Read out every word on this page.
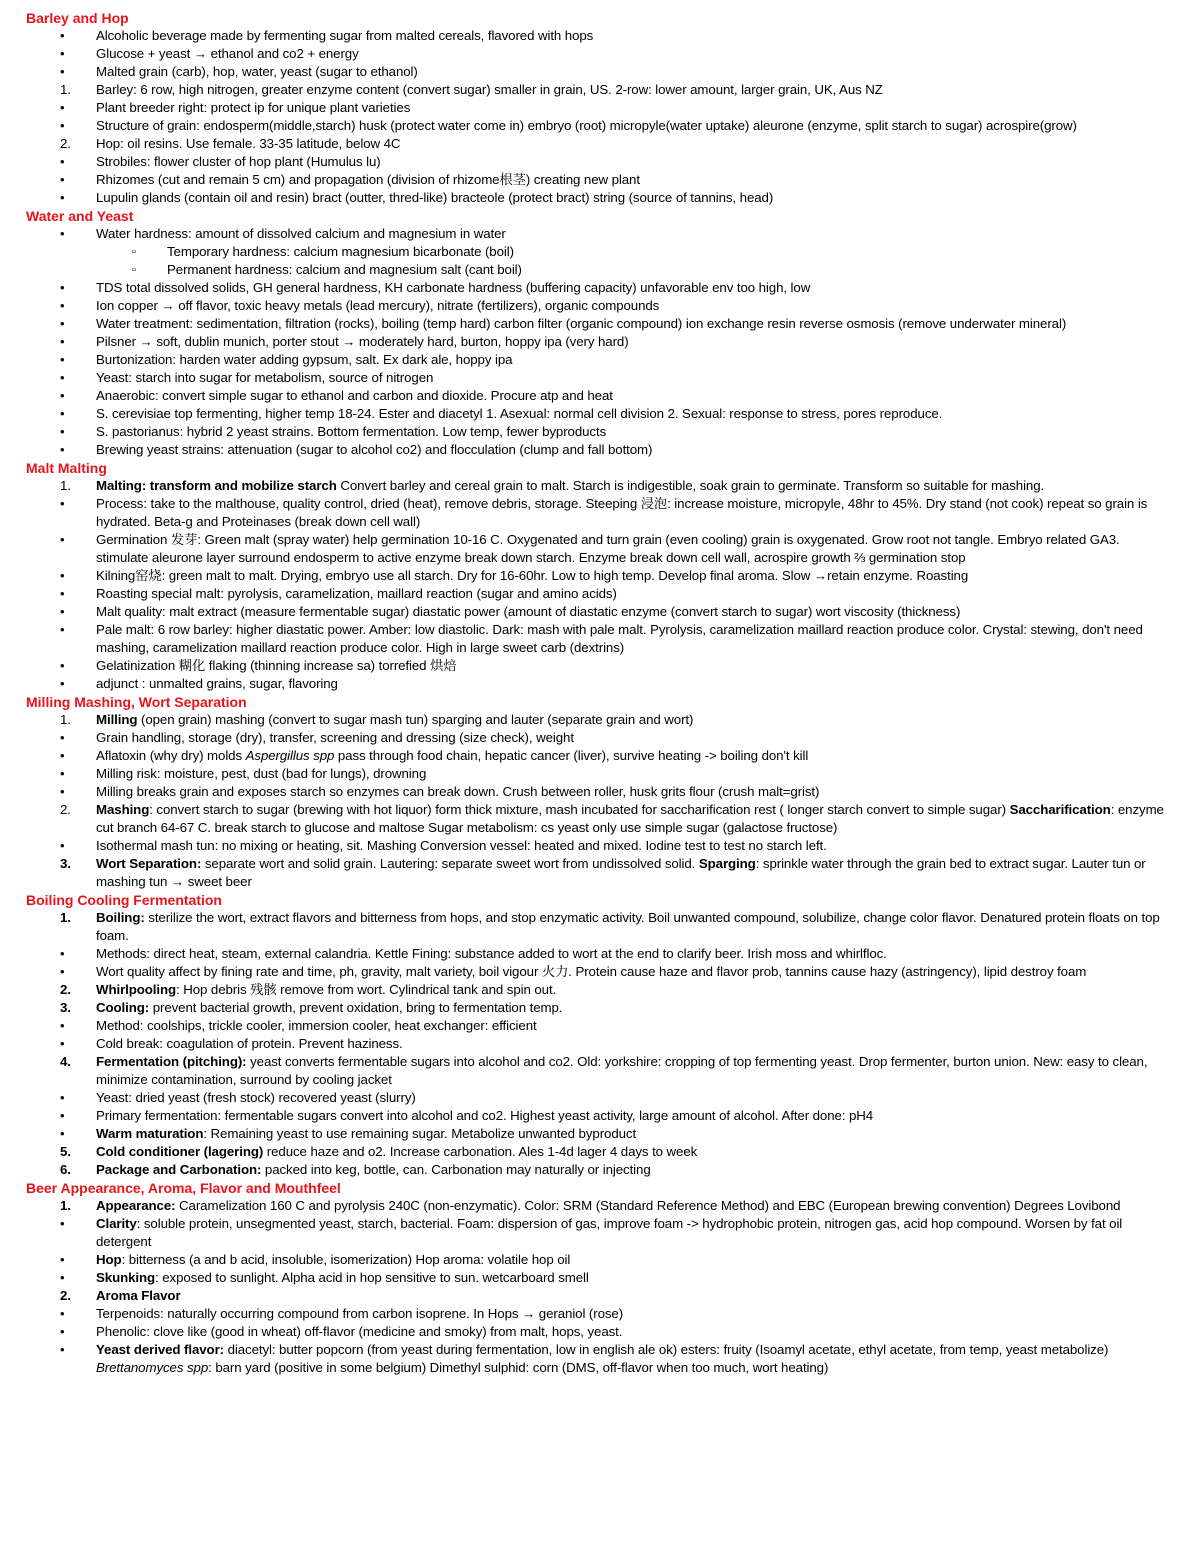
Barley and Hop
•
Alcoholic beverage made by fermenting sugar from malted cereals, flavored with hops
•
Glucose + yeast → ethanol and co2 + energy
•
Malted grain (carb), hop, water, yeast (sugar to ethanol)
1.	Barley: 6 row, high nitrogen, greater enzyme content (convert sugar) smaller in grain, US. 2-row: lower amount, larger grain, UK, Aus NZ
•
Plant breeder right: protect ip for unique plant varieties
•
Structure of grain: endosperm(middle,starch) husk (protect water come in) embryo (root) micropyle(water uptake) aleurone (enzyme, split starch to sugar) acrospire(grow)
2.	Hop: oil resins. Use female. 33-35 latitude, below 4C
•
Strobiles: flower cluster of hop plant (Humulus lu)
•
Rhizomes (cut and remain 5 cm) and propagation (division of rhizome根茎) creating new plant
•
Lupulin glands (contain oil and resin) bract (outter, thred-like) bracteole (protect bract) string (source of tannins, head)
Water and Yeast
•
Water hardness: amount of dissolved calcium and magnesium in water
▫	Temporary hardness: calcium magnesium bicarbonate (boil)
▫	Permanent hardness: calcium and magnesium salt (cant boil)
•
TDS total dissolved solids, GH general hardness, KH carbonate hardness (buffering capacity) unfavorable env too high, low
•
Ion copper → off flavor, toxic heavy metals (lead mercury), nitrate (fertilizers), organic compounds
•
Water treatment: sedimentation, filtration (rocks), boiling (temp hard) carbon filter (organic compound) ion exchange resin reverse osmosis (remove underwater mineral)
•
Pilsner → soft, dublin munich, porter stout → moderately hard, burton, hoppy ipa (very hard)
•
Burtonization: harden water adding gypsum, salt. Ex dark ale, hoppy ipa
•
Yeast: starch into sugar for metabolism, source of nitrogen
•
Anaerobic: convert simple sugar to ethanol and carbon and dioxide. Procure atp and heat
•
S. cerevisiae top fermenting, higher temp 18-24. Ester and diacetyl 1. Asexual: normal cell division 2. Sexual: response to stress, pores reproduce.
•
S. pastorianus: hybrid 2 yeast strains. Bottom fermentation. Low temp, fewer byproducts
•
Brewing yeast strains: attenuation (sugar to alcohol co2) and flocculation (clump and fall bottom)
Malt Malting
1.	Malting: transform and mobilize starch Convert barley and cereal grain to malt. Starch is indigestible, soak grain to germinate. Transform so suitable for mashing.
•
Process: take to the malthouse, quality control, dried (heat), remove debris, storage. Steeping 浸泡: increase moisture, micropyle, 48hr to 45%. Dry stand (not cook) repeat so grain is hydrated. Beta-g and Proteinases (break down cell wall)
•
Germination 发芽: Green malt (spray water) help germination 10-16 C. Oxygenated and turn grain (even cooling) grain is oxygenated. Grow root not tangle. Embryo related GA3. stimulate aleurone layer surround endosperm to active enzyme break down starch. Enzyme break down cell wall, acrospire growth ⅔ germination stop
•
Kilning窑烧: green malt to malt. Drying, embryo use all starch. Dry for 16-60hr. Low to high temp. Develop final aroma. Slow →retain enzyme. Roasting
•
Roasting special malt: pyrolysis, caramelization, maillard reaction (sugar and amino acids)
•
Malt quality: malt extract (measure fermentable sugar) diastatic power (amount of diastatic enzyme (convert starch to sugar) wort viscosity (thickness)
•
Pale malt: 6 row barley: higher diastatic power. Amber: low diastolic. Dark: mash with pale malt. Pyrolysis, caramelization maillard reaction produce color. Crystal: stewing, don't need mashing, caramelization maillard reaction produce color. High in large sweet carb (dextrins)
•
Gelatinization 糊化 flaking (thinning increase sa) torrefied 烘焙
•
adjunct : unmalted grains, sugar, flavoring
Milling Mashing, Wort Separation
1.	Milling (open grain) mashing (convert to sugar mash tun) sparging and lauter (separate grain and wort)
•
Grain handling, storage (dry), transfer, screening and dressing (size check), weight
•
Aflatoxin (why dry) molds Aspergillus spp pass through food chain, hepatic cancer (liver), survive heating -> boiling don't kill
•
Milling risk: moisture, pest, dust (bad for lungs), drowning
•
Milling breaks grain and exposes starch so enzymes can break down. Crush between roller, husk grits flour (crush malt=grist)
2.	Mashing: convert starch to sugar (brewing with hot liquor) form thick mixture, mash incubated for saccharification rest ( longer starch convert to simple sugar) Saccharification: enzyme cut branch 64-67 C. break starch to glucose and maltose Sugar metabolism: cs yeast only use simple sugar (galactose fructose)
•
Isothermal mash tun: no mixing or heating, sit. Mashing Conversion vessel: heated and mixed. Iodine test to test no starch left.
3.	Wort Separation: separate wort and solid grain. Lautering: separate sweet wort from undissolved solid. Sparging: sprinkle water through the grain bed to extract sugar. Lauter tun or mashing tun → sweet beer
Boiling Cooling Fermentation
1.	Boiling: sterilize the wort, extract flavors and bitterness from hops, and stop enzymatic activity. Boil unwanted compound, solubilize, change color flavor. Denatured protein floats on top foam.
•
Methods: direct heat, steam, external calandria. Kettle Fining: substance added to wort at the end to clarify beer. Irish moss and whirlfloc.
•
Wort quality affect by fining rate and time, ph, gravity, malt variety, boil vigour 火力. Protein cause haze and flavor prob, tannins cause hazy (astringency), lipid destroy foam
2.	Whirlpooling: Hop debris 残骸 remove from wort. Cylindrical tank and spin out.
3.	Cooling: prevent bacterial growth, prevent oxidation, bring to fermentation temp.
•
Method: coolships, trickle cooler, immersion cooler, heat exchanger: efficient
•
Cold break: coagulation of protein. Prevent haziness.
4.	Fermentation (pitching): yeast converts fermentable sugars into alcohol and co2. Old: yorkshire: cropping of top fermenting yeast. Drop fermenter, burton union. New: easy to clean, minimize contamination, surround by cooling jacket
•
Yeast: dried yeast (fresh stock) recovered yeast (slurry)
•
Primary fermentation: fermentable sugars convert into alcohol and co2. Highest yeast activity, large amount of alcohol. After done: pH4
•
Warm maturation: Remaining yeast to use remaining sugar. Metabolize unwanted byproduct
5.	Cold conditioner (lagering) reduce haze and o2. Increase carbonation. Ales 1-4d lager 4 days to week
6.	Package and Carbonation: packed into keg, bottle, can. Carbonation may naturally or injecting
Beer Appearance, Aroma, Flavor and Mouthfeel
1.	Appearance: Caramelization 160 C and pyrolysis 240C (non-enzymatic). Color: SRM (Standard Reference Method) and EBC (European brewing convention) Degrees Lovibond
•
Clarity: soluble protein, unsegmented yeast, starch, bacterial. Foam: dispersion of gas, improve foam -> hydrophobic protein, nitrogen gas, acid hop compound. Worsen by fat oil detergent
•
Hop: bitterness (a and b acid, insoluble, isomerization) Hop aroma: volatile hop oil
•
Skunking: exposed to sunlight. Alpha acid in hop sensitive to sun. wetcarboard smell
2.	Aroma Flavor
•
Terpenoids: naturally occurring compound from carbon isoprene. In Hops → geraniol (rose)
•
Phenolic: clove like (good in wheat) off-flavor (medicine and smoky) from malt, hops, yeast.
•
Yeast derived flavor: diacetyl: butter popcorn (from yeast during fermentation, low in english ale ok) esters: fruity (Isoamyl acetate, ethyl acetate, from temp, yeast metabolize) Brettanomyces spp: barn yard (positive in some belgium) Dimethyl sulphid: corn (DMS, off-flavor when too much, wort heating)
